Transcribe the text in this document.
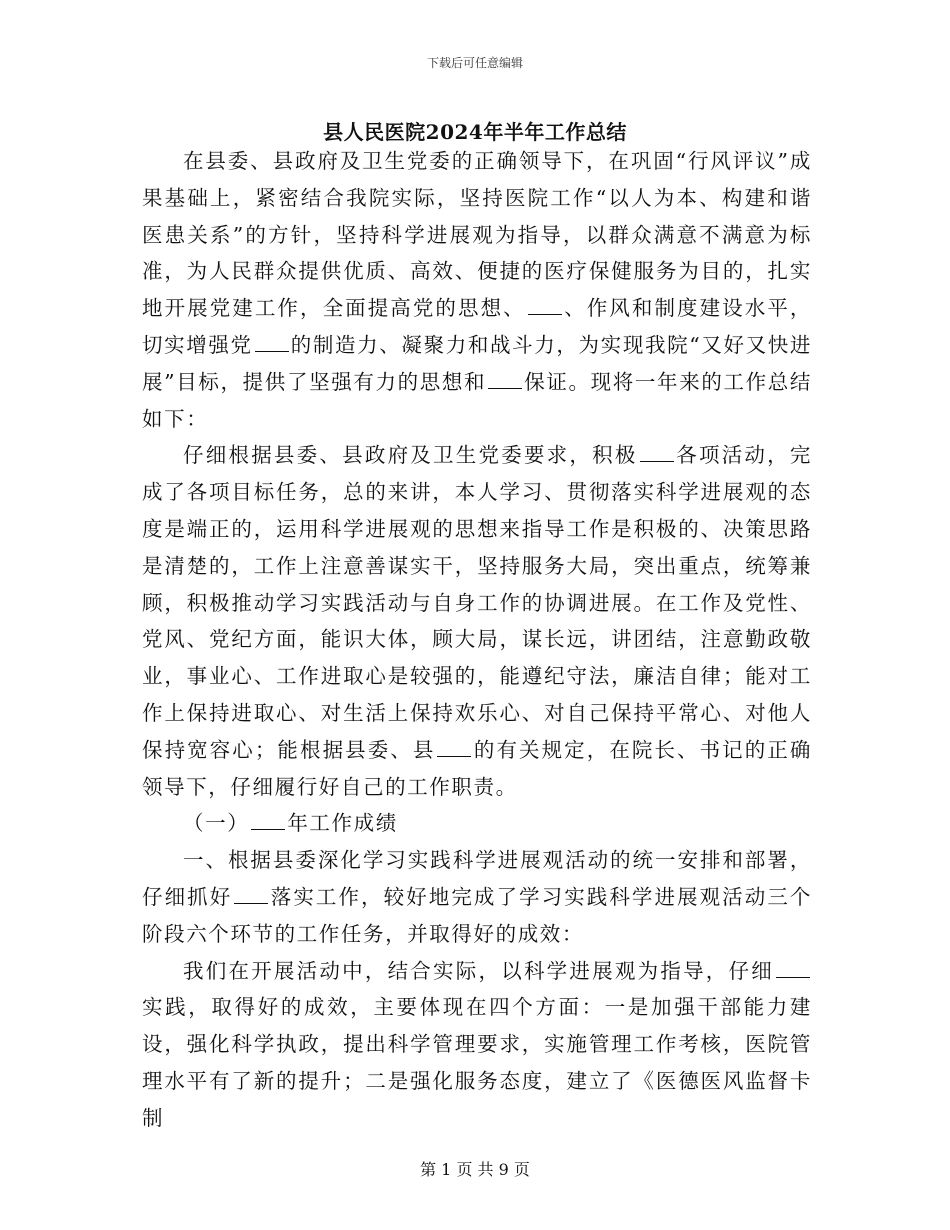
下载后可任意编辑
县人民医院2024年半年工作总结

在县委、县政府及卫生党委的正确领导下，在巩固“行风评议”成果基础上，紧密结合我院实际，坚持医院工作“以人为本、构建和谐医患关系”的方针，坚持科学进展观为指导，以群众满意不满意为标准，为人民群众提供优质、高效、便捷的医疗保健服务为目的，扎实地开展党建工作，全面提高党的思想、 、作风和制度建设水平，切实增强党 的制造力、凝聚力和战斗力，为实现我院“又好又快进展”目标，提供了坚强有力的思想和 保证。现将一年来的工作总结如下：

仔细根据县委、县政府及卫生党委要求，积极 各项活动，完成了各项目标任务，总的来讲，本人学习、贯彻落实科学进展观的态度是端正的，运用科学进展观的思想来指导工作是积极的、决策思路是清楚的，工作上注意善谋实干，坚持服务大局，突出重点，统筹兼顾，积极推动学习实践活动与自身工作的协调进展。在工作及党性、党风、党纪方面，能识大体，顾大局，谋长远，讲团结，注意勤政敬业，事业心、工作进取心是较强的，能遵纪守法，廉洁自律；能对工作上保持进取心、对生活上保持欢乐心、对自己保持平常心、对他人保持宽容心；能根据县委、县 的有关规定，在院长、书记的正确领导下，仔细履行好自己的工作职责。

（一） 年工作成绩

一、根据县委深化学习实践科学进展观活动的统一安排和部署，仔细抓好 落实工作，较好地完成了学习实践科学进展观活动三个阶段六个环节的工作任务，并取得好的成效：

我们在开展活动中，结合实际，以科学进展观为指导，仔细实践，取得好的成效，主要体现在四个方面：一是加强干部能力建设，强化科学执政，提出科学管理要求，实施管理工作考核，医院管理水平有了新的提升；二是强化服务态度，建立了《医德医风监督卡制

第 1 页 共 9 页
